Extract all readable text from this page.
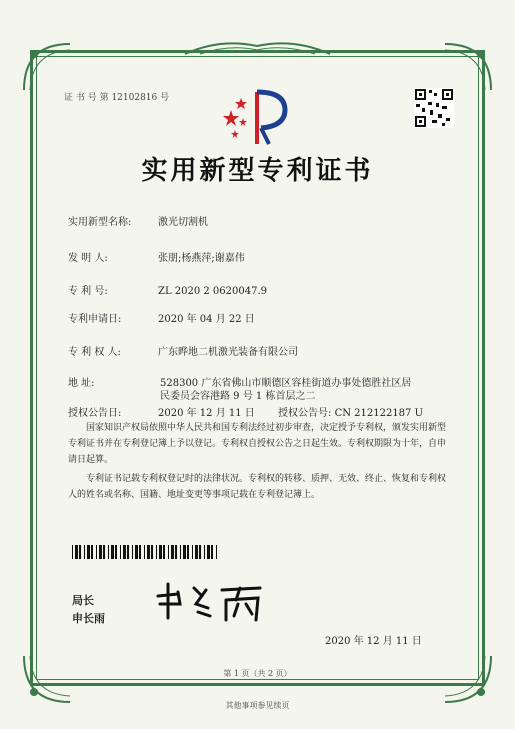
证 书 号 第 12102816 号
实用新型专利证书
实用新型名称:	激光切割机
发 明 人:	张朋;杨燕萍;谢嘉伟
专 利 号:	ZL 2020 2 0620047.9
专利申请日:	2020 年 04 月 22 日
专 利 权 人:	广东晔地二机激光装备有限公司
地 址:	528300 广东省佛山市顺德区容桂街道办事处德胜社区居
民委员会容港路 9 号 1 栋首层之二
授权公告日:	2020 年 12 月 11 日 授权公告号: CN 212122187 U
国家知识产权局依照中华人民共和国专利法经过初步审查，决定授予专利权，颁发实用新型专利证书并在专利登记簿上予以登记。专利权自授权公告之日起生效。专利权期限为十年，自申请日起算。
专利证书记载专利权登记时的法律状况。专利权的转移、质押、无效、终止、恢复和专利权人的姓名或名称、国籍、地址变更等事项记载在专利登记簿上。
局长
申长雨
2020 年 12 月 11 日
第 1 页（共 2 页）
其他事项参见续页
